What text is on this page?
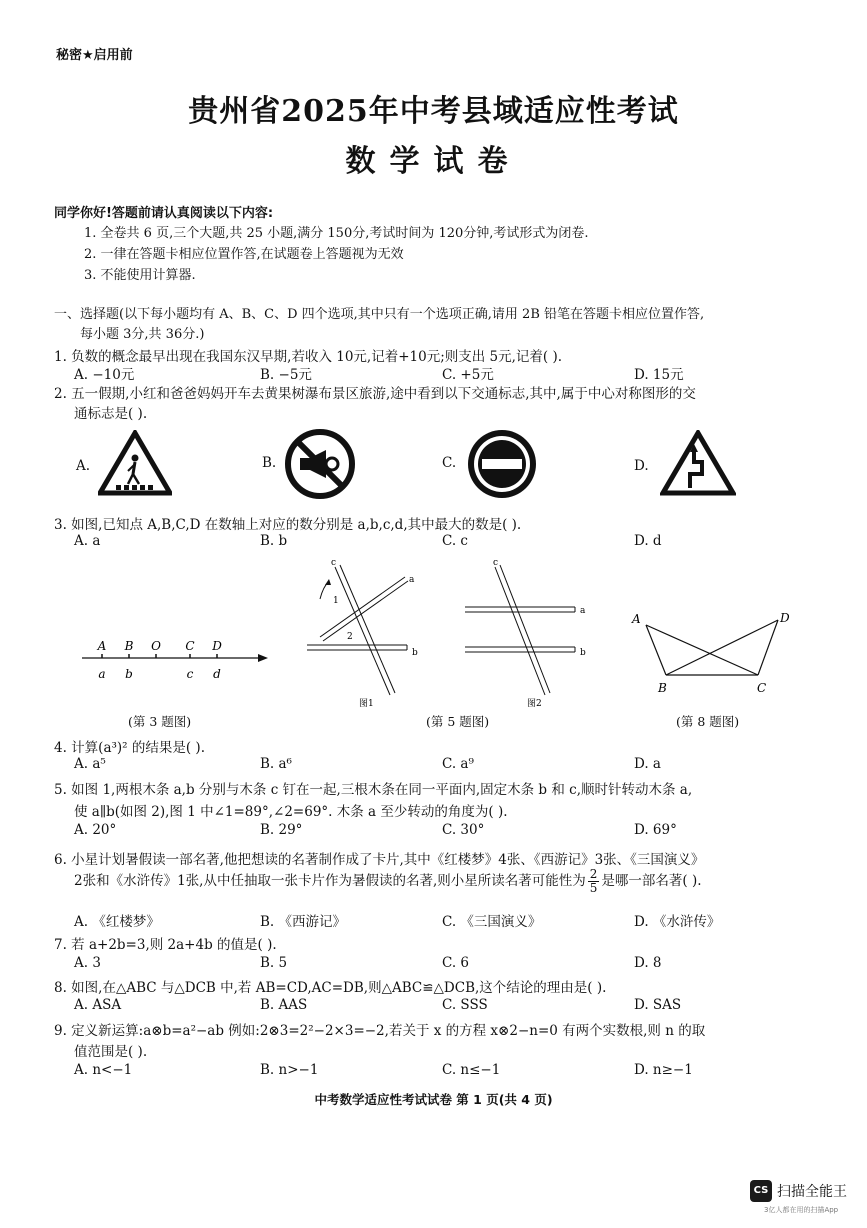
秘密★启用前
贵州省2025年中考县域适应性考试
数学试卷
同学你好!答题前请认真阅读以下内容:
1. 全卷共 6 页,三个大题,共 25 小题,满分 150分,考试时间为 120分钟,考试形式为闭卷.
2. 一律在答题卡相应位置作答,在试题卷上答题视为无效
3. 不能使用计算器.
一、选择题(以下每小题均有 A、B、C、D 四个选项,其中只有一个选项正确,请用 2B 铅笔在答题卡相应位置作答,
每小题 3分,共 36分.)
1. 负数的概念最早出现在我国东汉早期,若收入 10元,记着+10元;则支出 5元,记着( ).
A. −10元	B. −5元	C. +5元	D. 15元
2. 五一假期,小红和爸爸妈妈开车去黄果树瀑布景区旅游,途中看到以下交通标志,其中,属于中心对称图形的交
通标志是( ).
A.	B.	C.	D.
3. 如图,已知点 A,B,C,D 在数轴上对应的数分别是 a,b,c,d,其中最大的数是( ).
A. a	B. b	C. c	D. d
A B O C D
a b	c d
(第 3 题图)
c
a
b
1
2
图1
c
a
b
图2
(第 5 题图)
A
B	C
D
(第 8 题图)
4. 计算(a³)² 的结果是( ).
A. a⁵	B. a⁶	C. a⁹	D. a
5. 如图 1,两根木条 a,b 分别与木条 c 钉在一起,三根木条在同一平面内,固定木条 b 和 c,顺时针转动木条 a,
使 a∥b(如图 2),图 1 中∠1=89°,∠2=69°. 木条 a 至少转动的角度为( ).
A. 20°	B. 29°	C. 30°	D. 69°
6. 小星计划暑假读一部名著,他把想读的名著制作成了卡片,其中《红楼梦》4张、《西游记》3张、《三国演义》
2张和《水浒传》1张,从中任抽取一张卡片作为暑假读的名著,则小星所读名著可能性为 $\frac{2}{5}$ 是哪一部名著( ).
A. 《红楼梦》	B. 《西游记》	C. 《三国演义》	D. 《水浒传》
7. 若 a+2b=3,则 2a+4b 的值是( ).
A. 3	B. 5	C. 6	D. 8
8. 如图,在△ABC 与△DCB 中,若 AB=CD,AC=DB,则△ABC≌△DCB,这个结论的理由是( ).
A. ASA	B. AAS	C. SSS	D. SAS
9. 定义新运算:a⊗b=a²−ab 例如:2⊗3=2²−2×3=−2,若关于 x 的方程 x⊗2−n=0 有两个实数根,则 n 的取
值范围是( ).
A. n<−1	B. n>−1	C. n≤−1	D. n≥−1
中考数学适应性考试试卷 第 1 页(共 4 页)
CS 扫描全能王
3亿人都在用的扫描App
